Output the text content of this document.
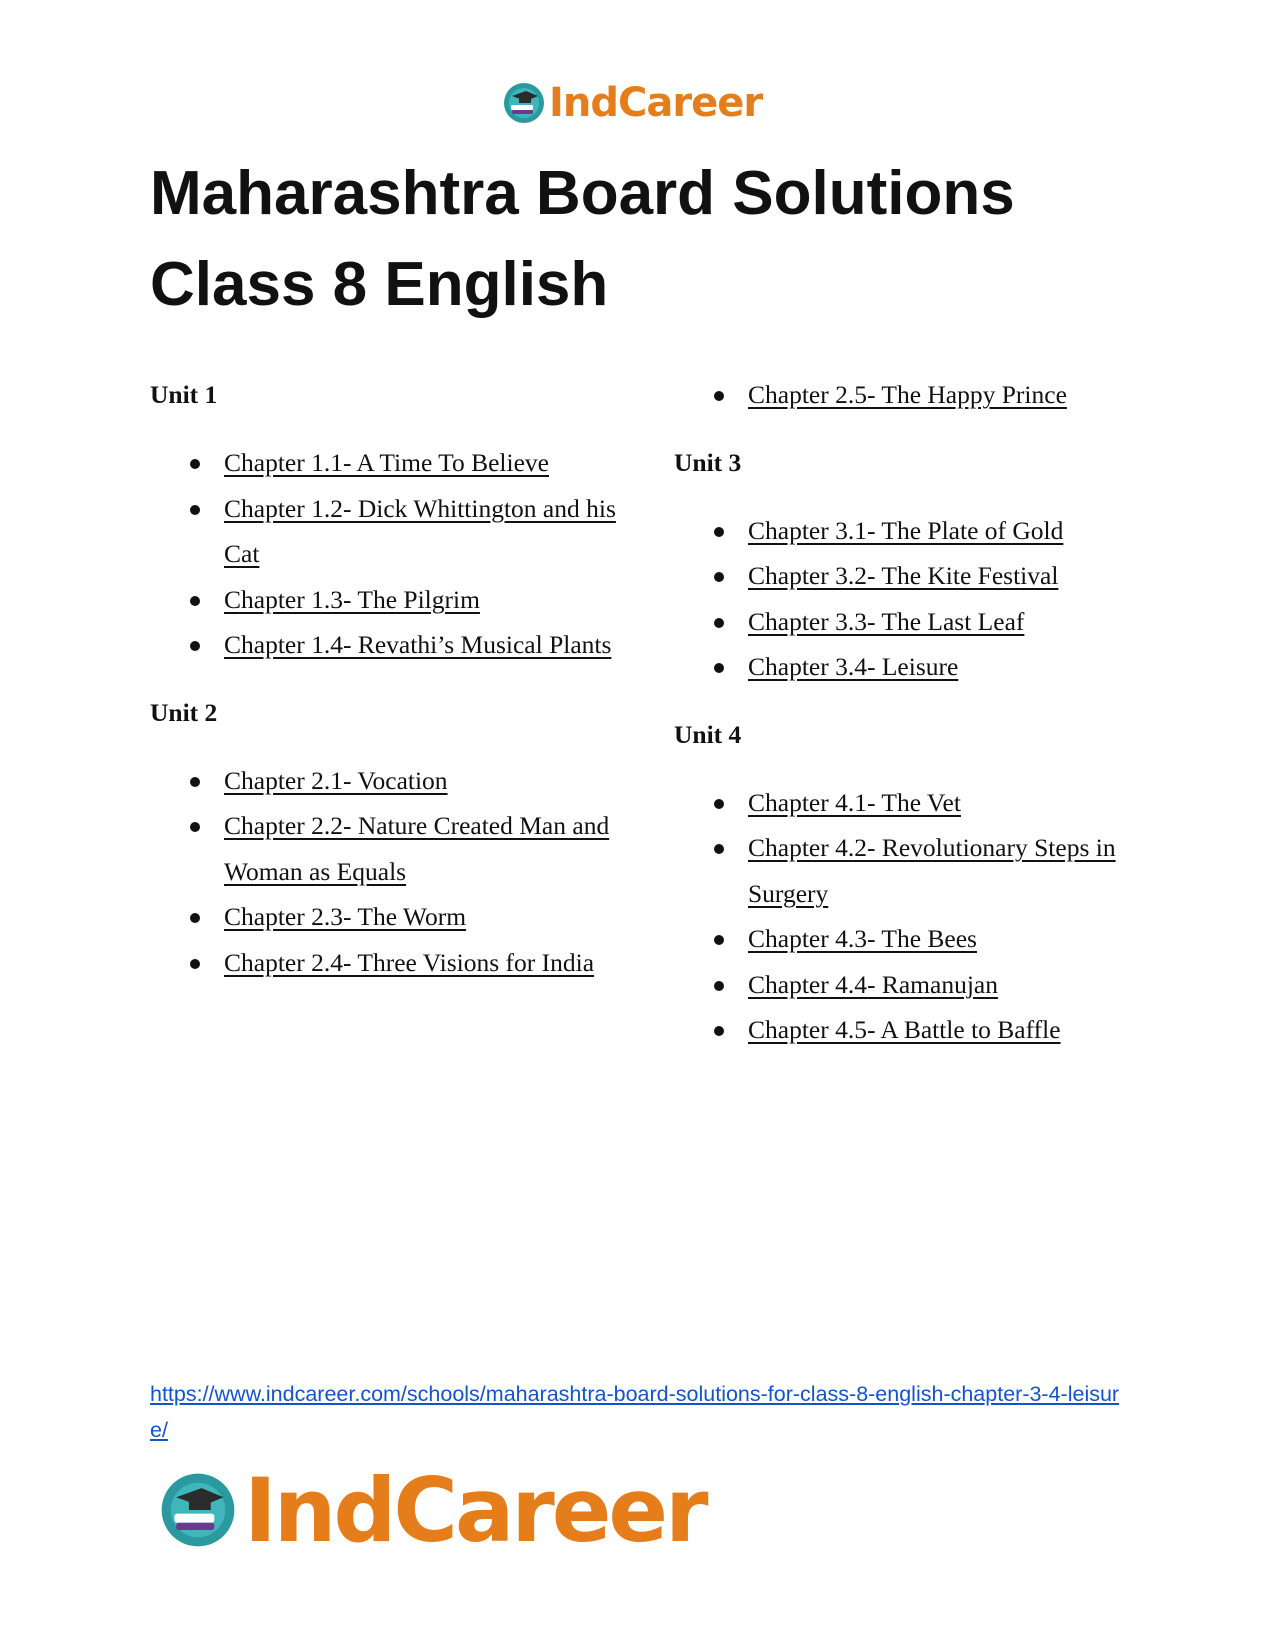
IndCareer
Maharashtra Board Solutions Class 8 English
Unit 1
Chapter 1.1- A Time To Believe
Chapter 1.2- Dick Whittington and his Cat
Chapter 1.3- The Pilgrim
Chapter 1.4- Revathi’s Musical Plants
Unit 2
Chapter 2.1- Vocation
Chapter 2.2- Nature Created Man and Woman as Equals
Chapter 2.3- The Worm
Chapter 2.4- Three Visions for India
Chapter 2.5- The Happy Prince
Unit 3
Chapter 3.1- The Plate of Gold
Chapter 3.2- The Kite Festival
Chapter 3.3- The Last Leaf
Chapter 3.4- Leisure
Unit 4
Chapter 4.1- The Vet
Chapter 4.2- Revolutionary Steps in Surgery
Chapter 4.3- The Bees
Chapter 4.4- Ramanujan
Chapter 4.5- A Battle to Baffle
https://www.indcareer.com/schools/maharashtra-board-solutions-for-class-8-english-chapter-3-4-leisure/
IndCareer
